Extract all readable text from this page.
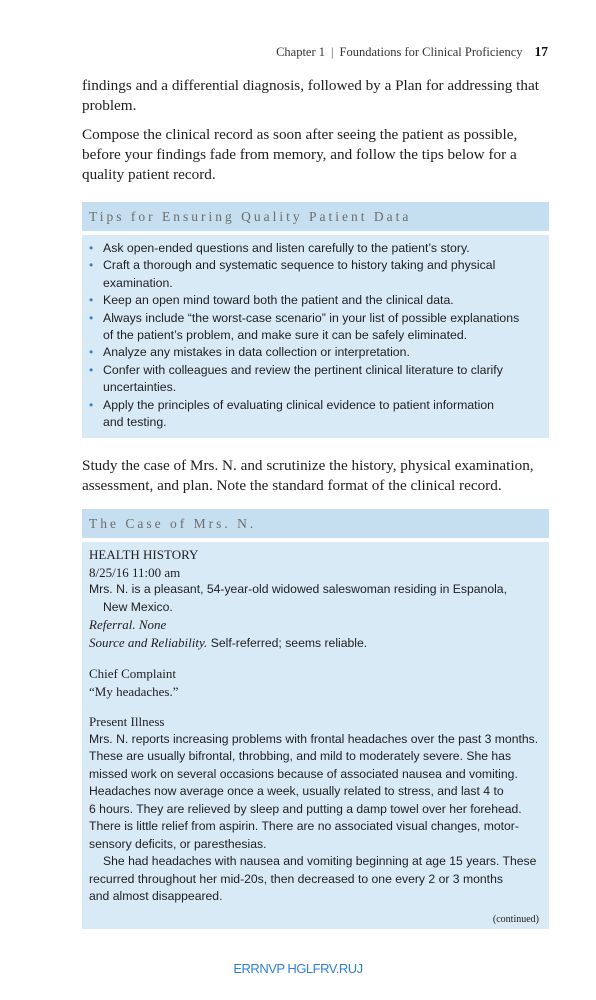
Chapter 1 | Foundations for Clinical Proficiency 17

findings and a differential diagnosis, followed by a Plan for addressing that
problem.

Compose the clinical record as soon after seeing the patient as possible,
before your findings fade from memory, and follow the tips below for a
quality patient record.

Tips for Ensuring Quality Patient Data
• Ask open-ended questions and listen carefully to the patient’s story.
• Craft a thorough and systematic sequence to history taking and physical
examination.
• Keep an open mind toward both the patient and the clinical data.
• Always include “the worst-case scenario” in your list of possible explanations
of the patient’s problem, and make sure it can be safely eliminated.
• Analyze any mistakes in data collection or interpretation.
• Confer with colleagues and review the pertinent clinical literature to clarify
uncertainties.
• Apply the principles of evaluating clinical evidence to patient information
and testing.

Study the case of Mrs. N. and scrutinize the history, physical examination,
assessment, and plan. Note the standard format of the clinical record.

The Case of Mrs. N.
HEALTH HISTORY
8/25/16 11:00 am
Mrs. N. is a pleasant, 54-year-old widowed saleswoman residing in Espanola,
New Mexico.
Referral. None
Source and Reliability. Self-referred; seems reliable.
Chief Complaint
“My headaches.”
Present Illness
Mrs. N. reports increasing problems with frontal headaches over the past 3 months.
These are usually bifrontal, throbbing, and mild to moderately severe. She has
missed work on several occasions because of associated nausea and vomiting.
Headaches now average once a week, usually related to stress, and last 4 to
6 hours. They are relieved by sleep and putting a damp towel over her forehead.
There is little relief from aspirin. There are no associated visual changes, motor-
sensory deficits, or paresthesias.
She had headaches with nausea and vomiting beginning at age 15 years. These
recurred throughout her mid-20s, then decreased to one every 2 or 3 months
and almost disappeared.
(continued)
ERRNVP HGLFRV.RUJ
